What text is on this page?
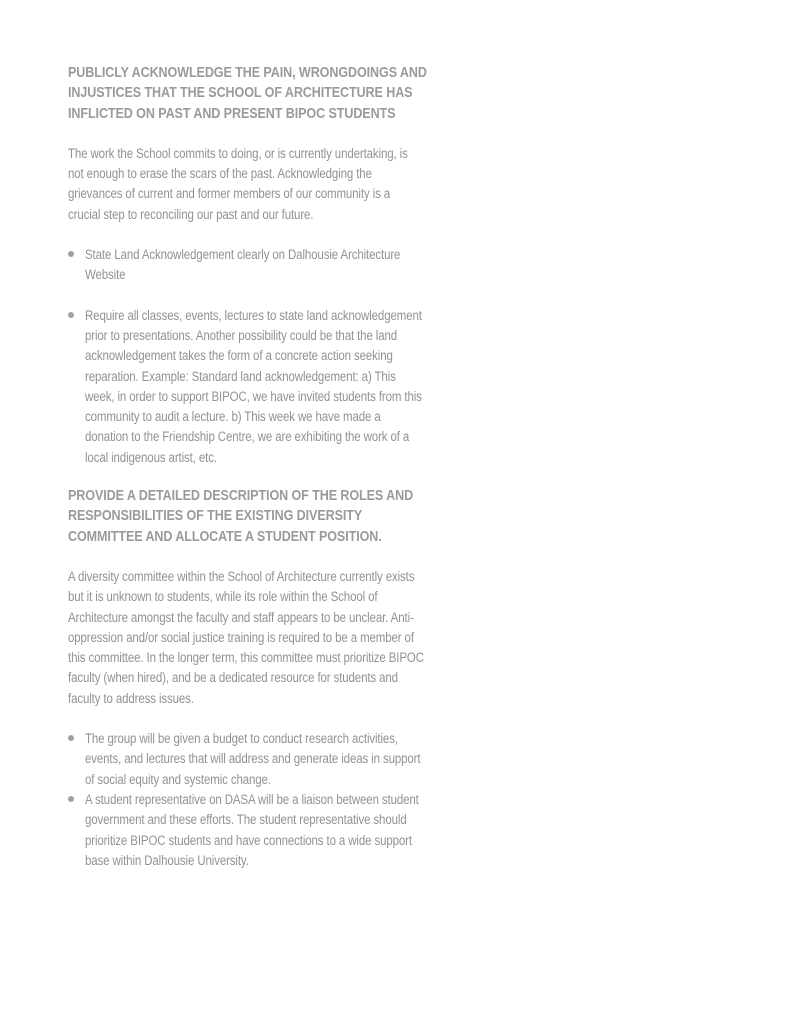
PUBLICLY ACKNOWLEDGE THE PAIN, WRONGDOINGS AND INJUSTICES THAT THE SCHOOL OF ARCHITECTURE HAS INFLICTED ON PAST AND PRESENT BIPOC STUDENTS

The work the School commits to doing, or is currently undertaking, is not enough to erase the scars of the past. Acknowledging the grievances of current and former members of our community is a crucial step to reconciling our past and our future.

State Land Acknowledgement clearly on Dalhousie Architecture Website
Require all classes, events, lectures to state land acknowledgement prior to presentations. Another possibility could be that the land acknowledgement takes the form of a concrete action seeking reparation. Example: Standard land acknowledgement: a) This week, in order to support BIPOC, we have invited students from this community to audit a lecture. b) This week we have made a donation to the Friendship Centre, we are exhibiting the work of a local indigenous artist, etc.
PROVIDE A DETAILED DESCRIPTION OF THE ROLES AND RESPONSIBILITIES OF THE EXISTING DIVERSITY COMMITTEE AND ALLOCATE A STUDENT POSITION.

A diversity committee within the School of Architecture currently exists but it is unknown to students, while its role within the School of Architecture amongst the faculty and staff appears to be unclear. Anti-oppression and/or social justice training is required to be a member of this committee. In the longer term, this committee must prioritize BIPOC faculty (when hired), and be a dedicated resource for students and faculty to address issues.

The group will be given a budget to conduct research activities, events, and lectures that will address and generate ideas in support of social equity and systemic change.
A student representative on DASA will be a liaison between student government and these efforts. The student representative should prioritize BIPOC students and have connections to a wide support base within Dalhousie University.
